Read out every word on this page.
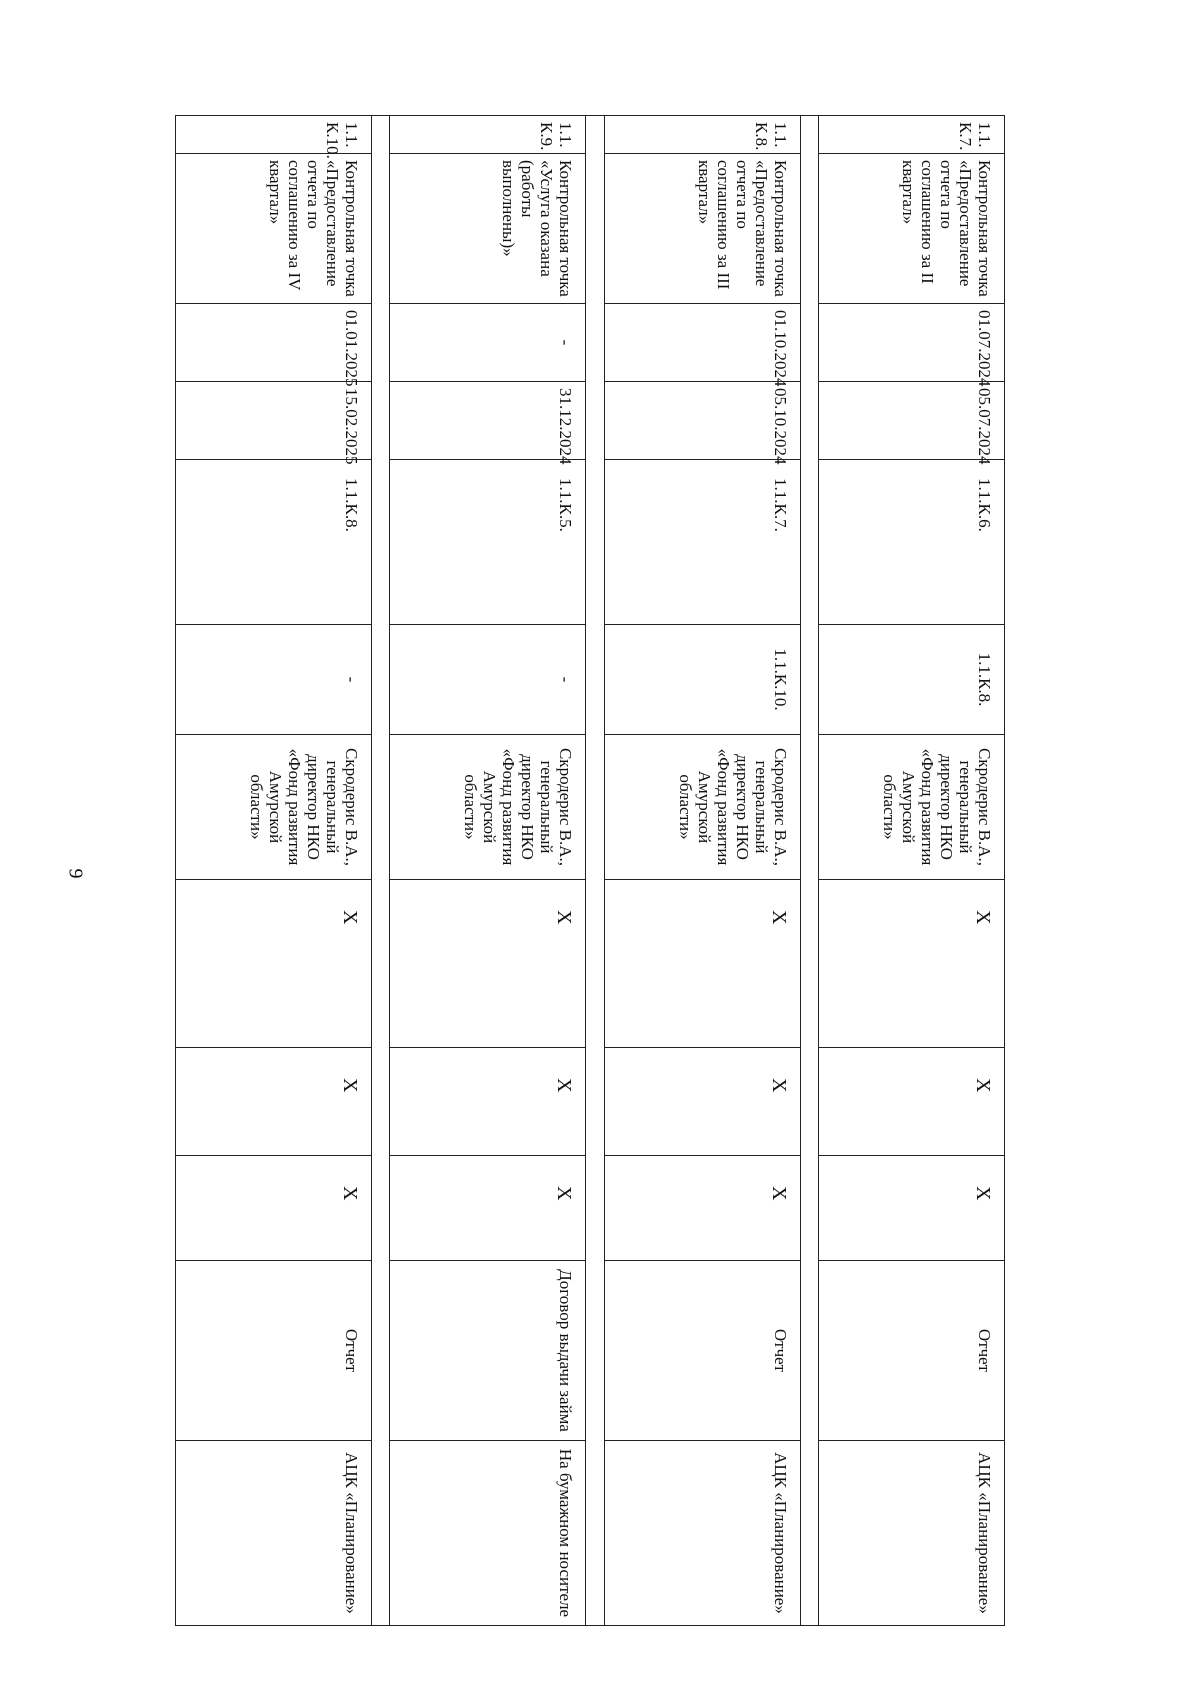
9
1.1.
К.7.	Контрольная точка «Предоставление отчета по соглашению за II квартал»	01.07.2024	05.07.2024	1.1.К.6.	1.1.К.8.	Скродерис В.А., генеральный директор НКО «Фонд развития Амурской области»	X	X	X	Отчет	АЦК «Планирование»

1.1.
К.8.	Контрольная точка «Предоставление отчета по соглашению за III квартал»	01.10.2024	05.10.2024	1.1.К.7.	1.1.К.10.	Скродерис В.А., генеральный директор НКО «Фонд развития Амурской области»	X	X	X	Отчет	АЦК «Планирование»

1.1.
К.9.	Контрольная точка «Услуга оказана (работы выполнены)»	-	31.12.2024	1.1.К.5.	-	Скродерис В.А., генеральный директор НКО «Фонд развития Амурской области»	X	X	X	Договор выдачи займа	На бумажном носителе

1.1.
К.10.	Контрольная точка «Предоставление отчета по соглашению за IV квартал»	01.01.2025	15.02.2025	1.1.К.8.	-	Скродерис В.А., генеральный директор НКО «Фонд развития Амурской области»	X	X	X	Отчет	АЦК «Планирование»
